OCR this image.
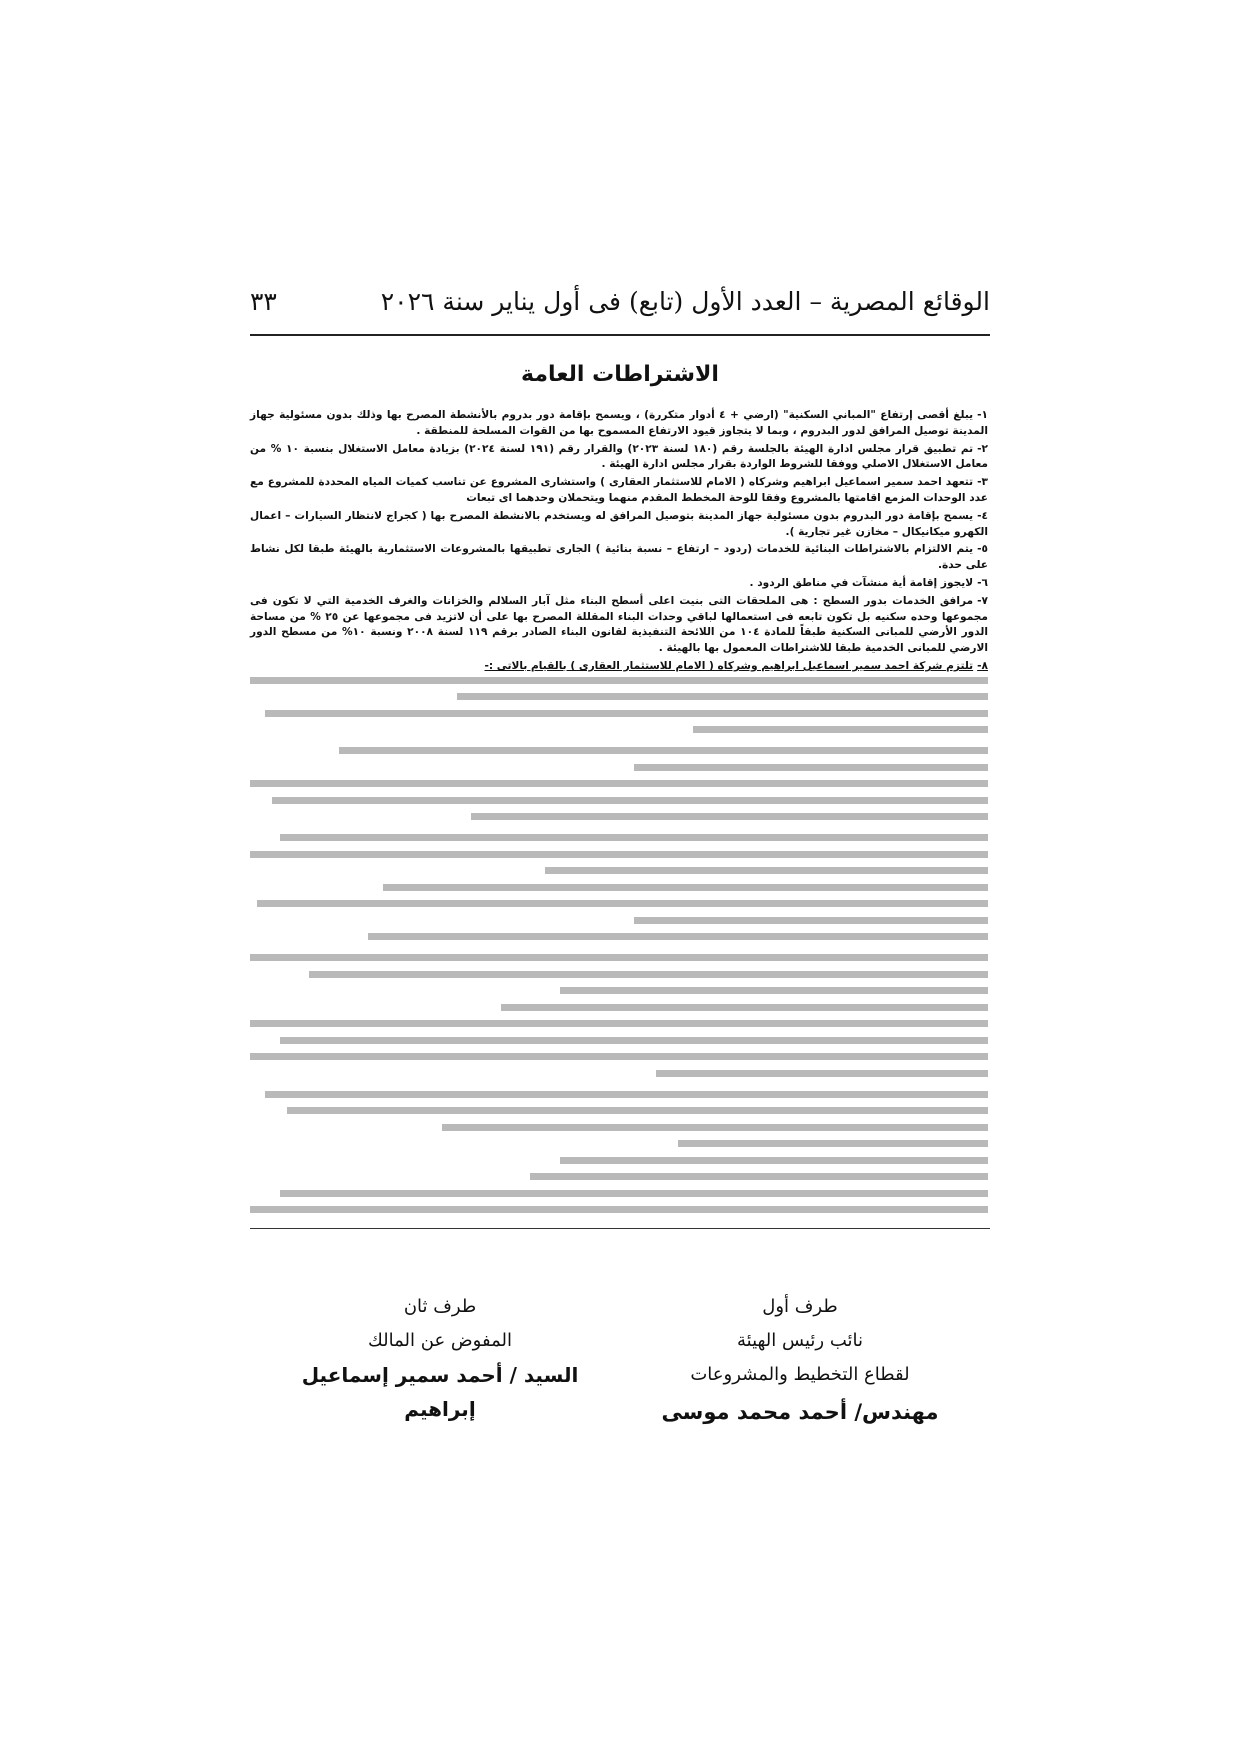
الوقائع المصرية – العدد الأول (تابع) فى أول يناير سنة ٢٠٢٦
٣٣
الاشتراطات العامة

١-يبلغ أقصى إرتفاع "المباني السكنية" (ارضي + ٤ أدوار متكررة) ، ويسمح بإقامة دور بدروم بالأنشطة المصرح بها وذلك بدون مسئولية جهاز المدينة توصيل المرافق لدور البدروم ، وبما لا يتجاوز قيود الارتفاع المسموح بها من القوات المسلحة للمنطقة .

٢-تم تطبيق قرار مجلس ادارة الهيئة بالجلسة رقم (١٨٠ لسنة ٢٠٢٣) والقرار رقم (١٩١ لسنة ٢٠٢٤) بزيادة معامل الاستغلال بنسبة ١٠ % من معامل الاستغلال الاصلي ووفقا للشروط الواردة بقرار مجلس ادارة الهيئة .

٣-تتعهد احمد سمير اسماعيل ابراهيم وشركاه ( الامام للاستثمار العقارى ) واستشارى المشروع عن تناسب كميات المياه المحددة للمشروع مع عدد الوحدات المزمع اقامتها بالمشروع وفقا للوحة المخطط المقدم منهما ويتحملان وحدهما اى تبعات

٤-يسمح بإقامة دور البدروم بدون مسئولية جهاز المدينة بتوصيل المرافق له ويستخدم بالانشطة المصرح بها ( كجراج لانتظار السيارات – اعمال الكهرو ميكانيكال – مخازن غير تجارية ).

٥-يتم الالتزام بالاشتراطات البنائية للخدمات (ردود – ارتفاع – نسبة بنائية ) الجارى تطبيقها بالمشروعات الاستثمارية بالهيئة طبقا لكل نشاط على حدة.

٦-لايجوز إقامة أية منشآت في مناطق الردود .

٧-مرافق الخدمات بدور السطح : هى الملحقات التى بنيت اعلى أسطح البناء مثل آبار السلالم والخزانات والغرف الخدمية التي لا تكون فى مجموعها وحده سكنيه بل تكون تابعه فى استعمالها لباقي وحدات البناء المقللة المصرح بها على أن لاتزيد فى مجموعها عن ٢٥ % من مساحة الدور الأرضي للمبانى السكنية طبقاً للمادة ١٠٤ من اللائحة التنفيذية لقانون البناء الصادر برقم ١١٩ لسنة ٢٠٠٨ ونسبة ١٠% من مسطح الدور الارضي للمبانى الخدمية طبقا للاشتراطات المعمول بها بالهيئة .

٨-تلتزم شركة احمد سمير اسماعيل ابراهيم وشركاه ( الامام للاستثمار العقارى ) بالقيام بالاتى :-

طرف أول
نائب رئيس الهيئة
لقطاع التخطيط والمشروعات
مهندس/ أحمد محمد موسى
طرف ثان
المفوض عن المالك
السيد / أحمد سمير إسماعيل إبراهيم
